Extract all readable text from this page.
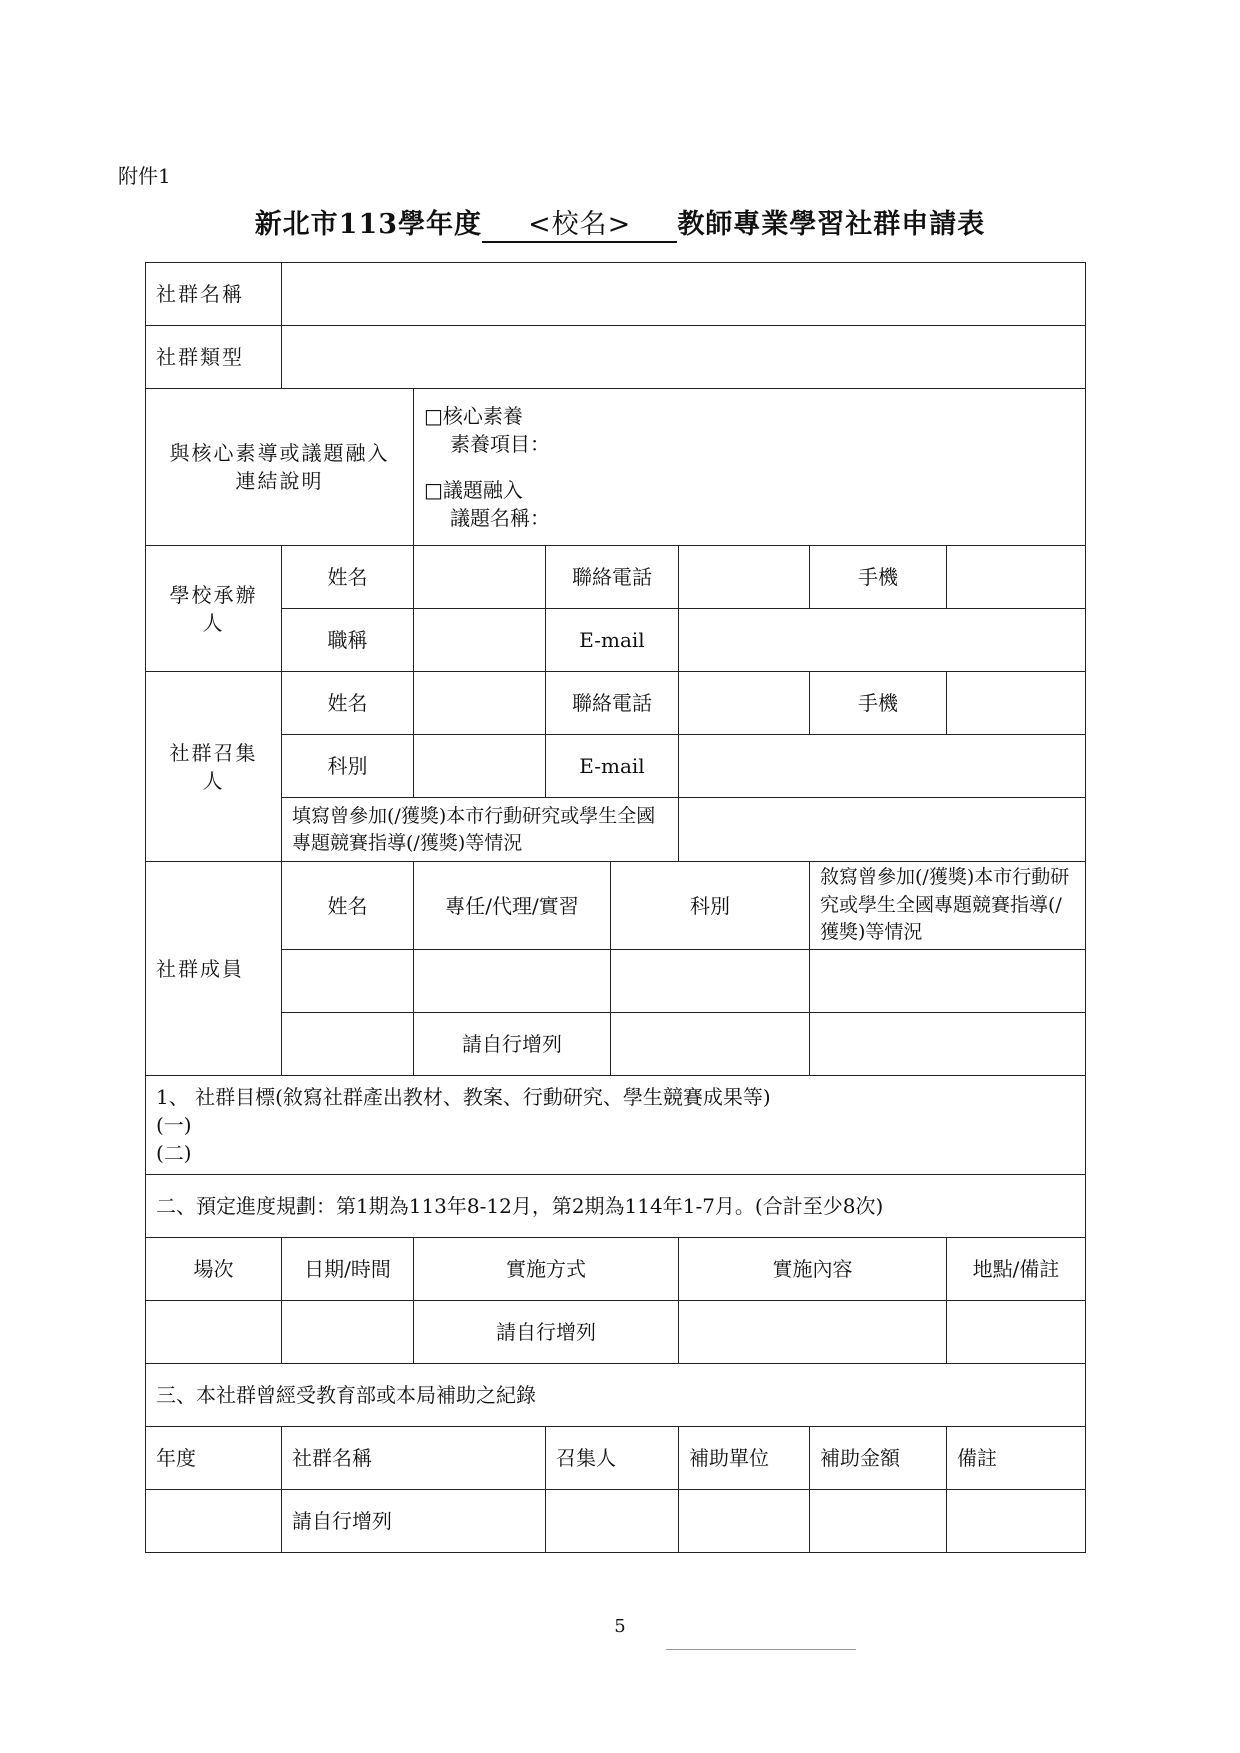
附件1
新北市113學年度 <校名> 教師專業學習社群申請表
社群名稱							
社群類型							
與核心素導或議題融入連結說明		□核心素養
素養項目：
□議題融入
議題名稱：					

學校承辦人	姓名		聯絡電話			手機	
	職稱		E-mail				
社群召集人	姓名		聯絡電話			手機	
	科別		E-mail				
	填寫曾參加(/獲獎)本市行動研究或學生全國專題競賽指導(/獲獎)等情況						
社群成員	姓名	專任/代理/實習		科別		敘寫曾參加(/獲獎)本市行動研究或學生全國專題競賽指導(/獲獎)等情況	

		請自行增列					

1、 社群目標(敘寫社群產出教材、教案、行動研究、學生競賽成果等)
(一)
(二)							

二、預定進度規劃：第1期為113年8-12月，第2期為114年1-7月。(合計至少8次)							
場次	日期/時間	實施方式			實施內容		地點/備註
		請自行增列					
三、本社群曾經受教育部或本局補助之紀錄							
年度	社群名稱		召集人		補助單位	補助金額	備註
	請自行增列						
5
